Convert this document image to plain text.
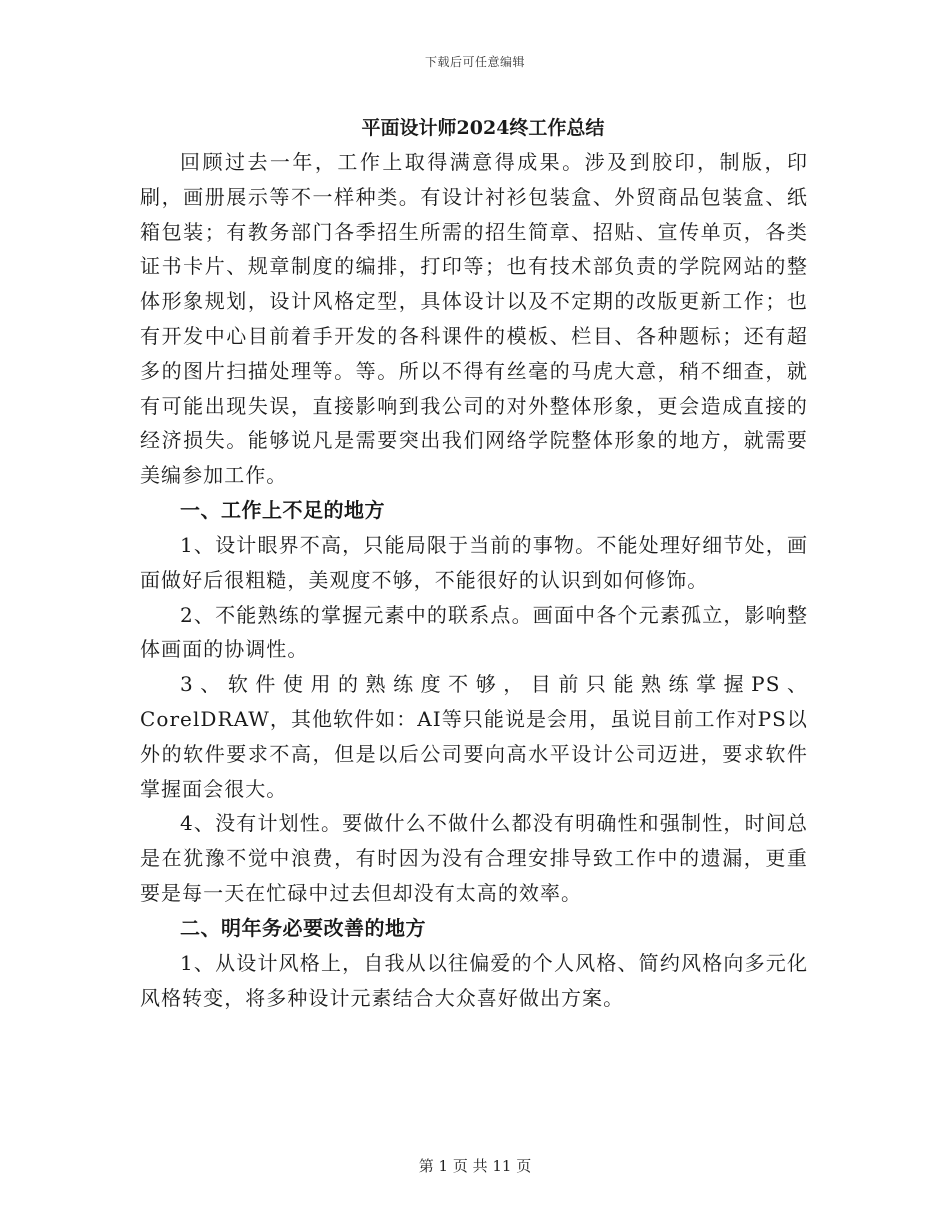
下载后可任意编辑
平面设计师2024终工作总结

回顾过去一年，工作上取得满意得成果。涉及到胶印，制版，印刷，画册展示等不一样种类。有设计衬衫包装盒、外贸商品包装盒、纸箱包装；有教务部门各季招生所需的招生简章、招贴、宣传单页，各类证书卡片、规章制度的编排，打印等；也有技术部负责的学院网站的整体形象规划，设计风格定型，具体设计以及不定期的改版更新工作；也有开发中心目前着手开发的各科课件的模板、栏目、各种题标；还有超多的图片扫描处理等。等。所以不得有丝毫的马虎大意，稍不细查，就有可能出现失误，直接影响到我公司的对外整体形象，更会造成直接的经济损失。能够说凡是需要突出我们网络学院整体形象的地方，就需要美编参加工作。

一、工作上不足的地方

1、设计眼界不高，只能局限于当前的事物。不能处理好细节处，画面做好后很粗糙，美观度不够，不能很好的认识到如何修饰。

2、不能熟练的掌握元素中的联系点。画面中各个元素孤立，影响整体画面的协调性。

3、软件使用的熟练度不够，目前只能熟练掌握PS、CorelDRAW，其他软件如：AI等只能说是会用，虽说目前工作对PS以外的软件要求不高，但是以后公司要向高水平设计公司迈进，要求软件掌握面会很大。

4、没有计划性。要做什么不做什么都没有明确性和强制性，时间总是在犹豫不觉中浪费，有时因为没有合理安排导致工作中的遗漏，更重要是每一天在忙碌中过去但却没有太高的效率。

二、明年务必要改善的地方

1、从设计风格上，自我从以往偏爱的个人风格、简约风格向多元化风格转变，将多种设计元素结合大众喜好做出方案。

第 1 页 共 11 页
